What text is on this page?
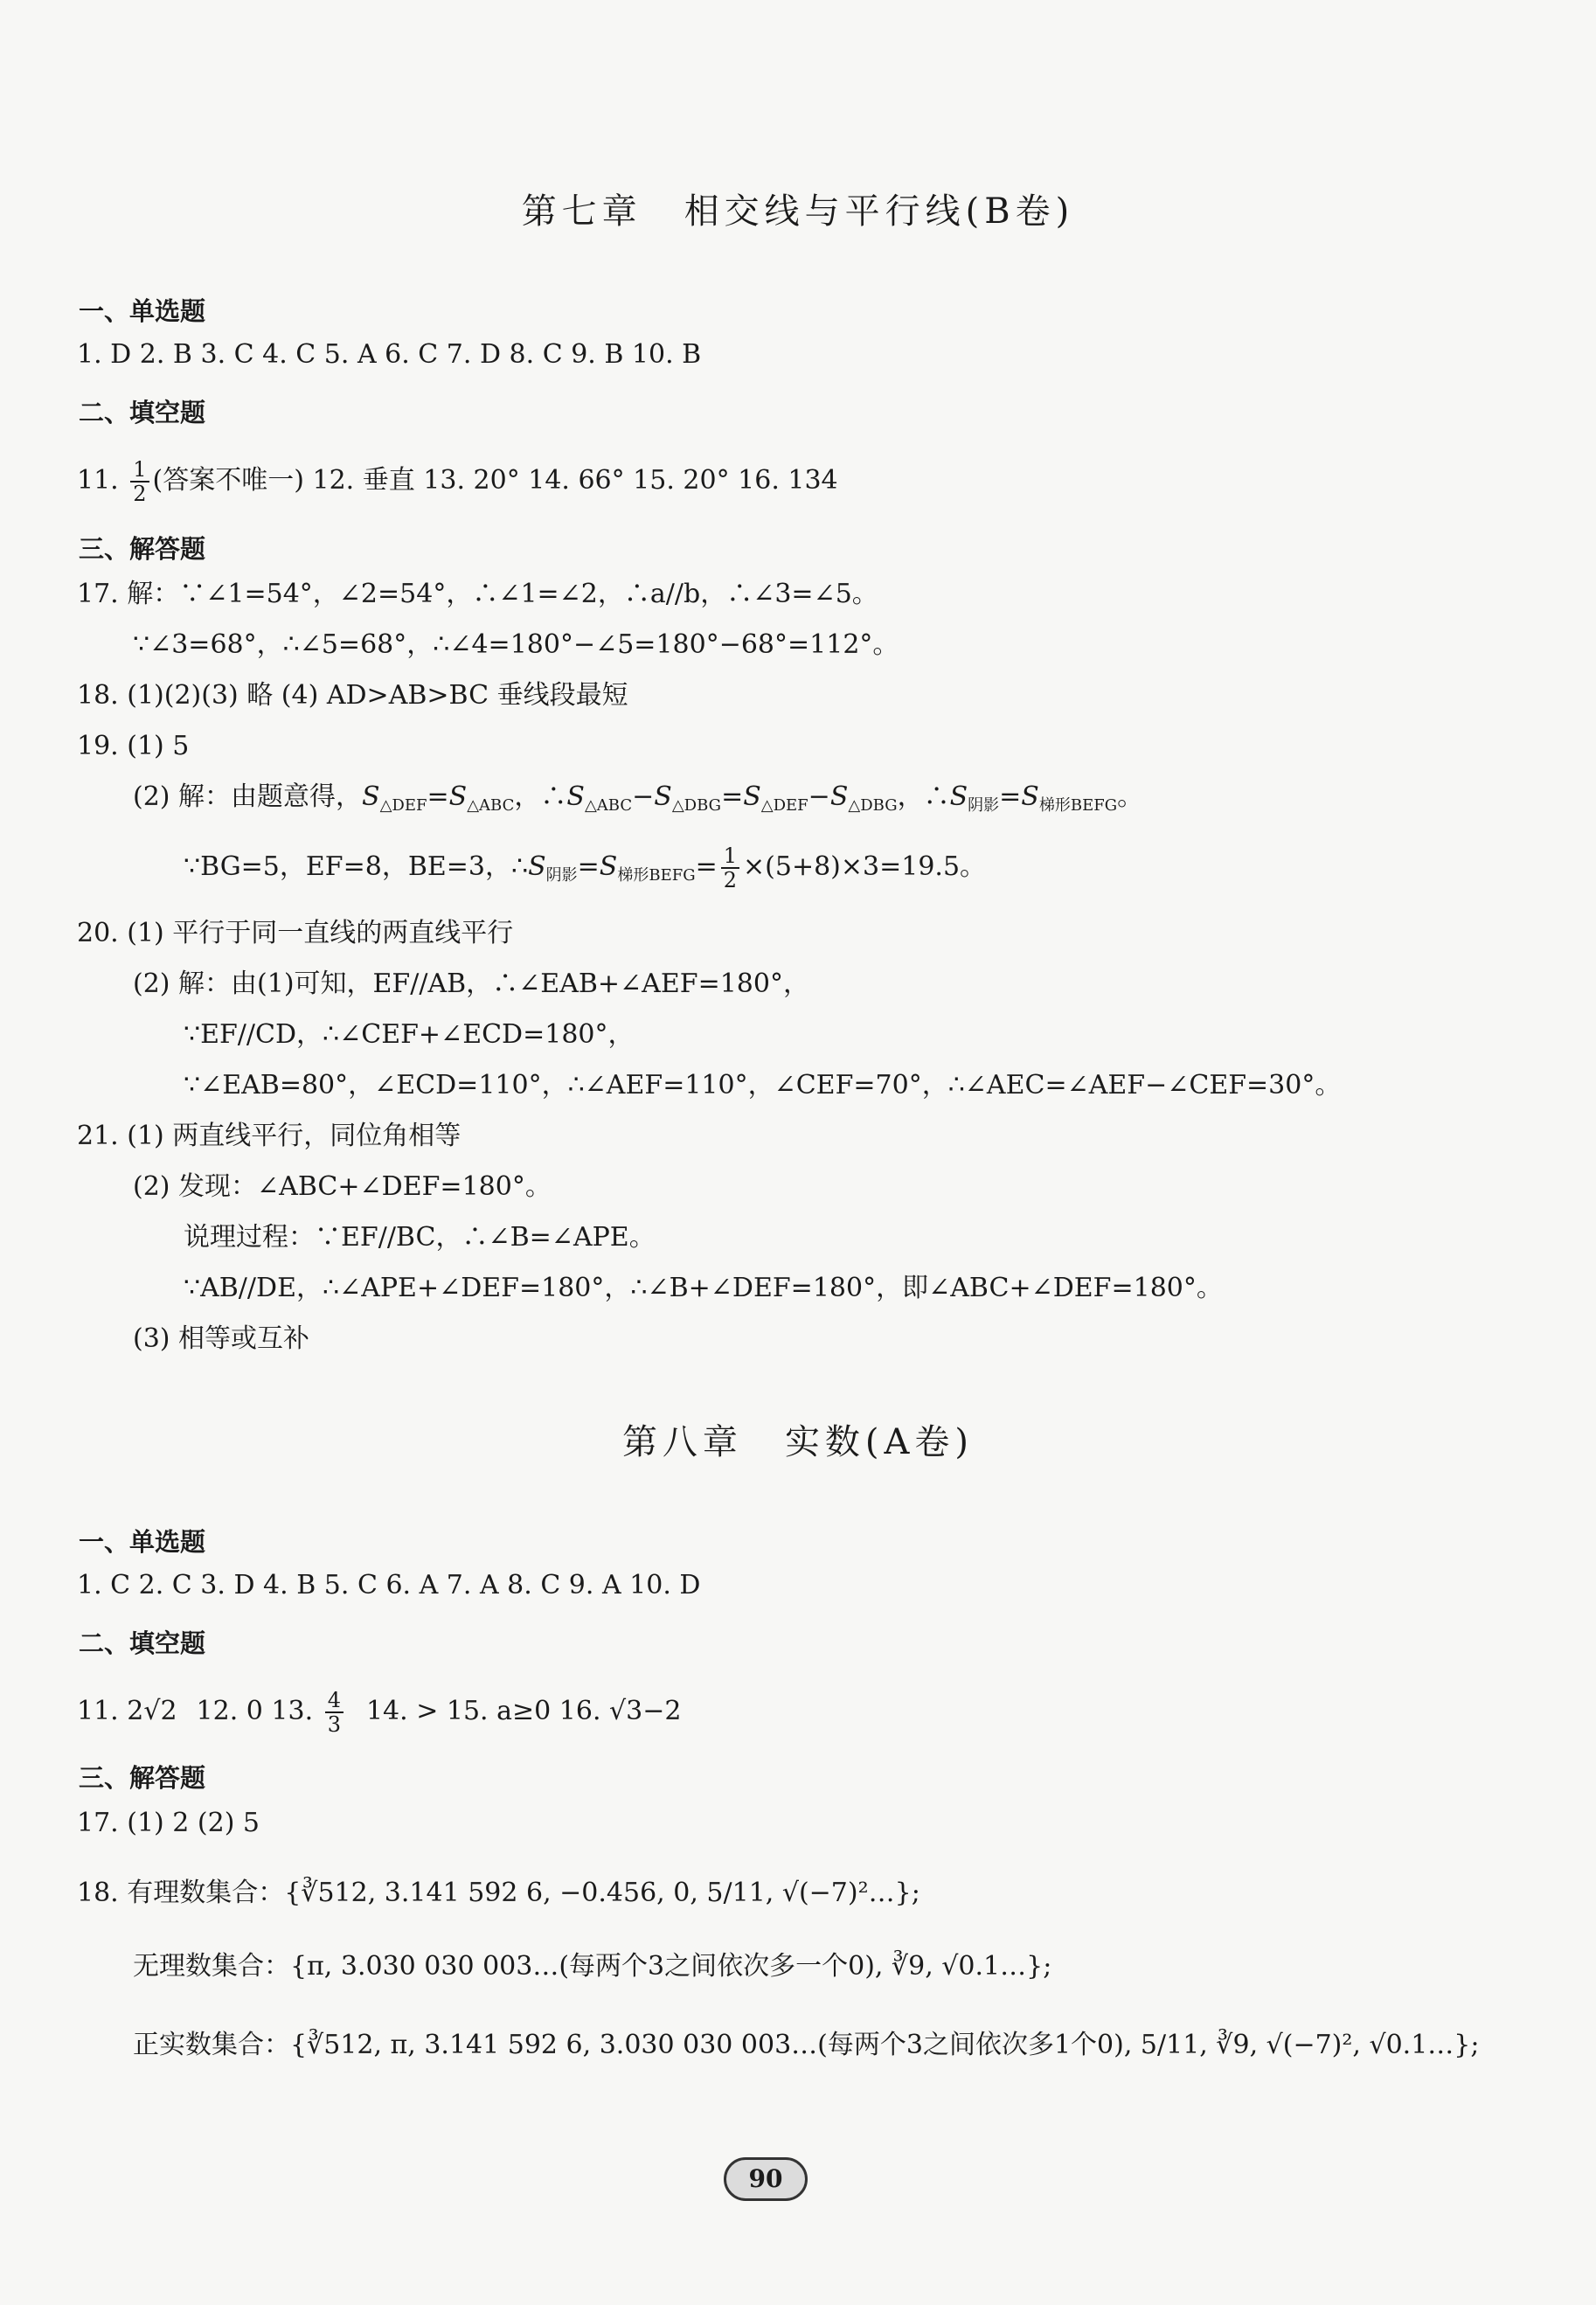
第七章 相交线与平行线(B卷)
一、单选题
1. D 2. B 3. C 4. C 5. A 6. C 7. D 8. C 9. B 10. B
二、填空题
11. $\frac{1}{2}$ (答案不唯一) 12. 垂直 13. 20° 14. 66° 15. 20° 16. 134
三、解答题
17. 解：∵∠1=54°，∠2=54°，∴∠1=∠2，∴a//b，∴∠3=∠5。
∵∠3=68°，∴∠5=68°，∴∠4=180°−∠5=180°−68°=112°。
18. (1)(2)(3) 略 (4) AD>AB>BC 垂线段最短
19. (1) 5
(2) 解：由题意得，$S_{\triangle DEF}=S_{\triangle ABC}$，$\therefore S_{\triangle ABC}-S_{\triangle DBG}=S_{\triangle DEF}-S_{\triangle DBG}$，$\therefore S_{阴影}=S_{梯形BEFG}$。
∵BG=5，EF=8，BE=3，$\therefore S_{阴影}=S_{梯形BEFG}= \frac{1}{2} \times(5+8)\times 3=19.5$。
20. (1) 平行于同一直线的两直线平行
(2) 解：由(1)可知，EF//AB，∴∠EAB+∠AEF=180°，
∵EF//CD，∴∠CEF+∠ECD=180°，
∵∠EAB=80°，∠ECD=110°，∴∠AEF=110°，∠CEF=70°，∴∠AEC=∠AEF−∠CEF=30°。
21. (1) 两直线平行，同位角相等
(2) 发现：∠ABC+∠DEF=180°。
说理过程：∵EF//BC，∴∠B=∠APE。
∵AB//DE，∴∠APE+∠DEF=180°，∴∠B+∠DEF=180°，即∠ABC+∠DEF=180°。
(3) 相等或互补
第八章 实数(A卷)
一、单选题
1. C 2. C 3. D 4. B 5. C 6. A 7. A 8. C 9. A 10. D
二、填空题
11. 2√2 12. 0 13. $\frac{4}{3} 14$. > 15. a≥0 16. √3−2
三、解答题
17. (1) 2 (2) 5
18. 有理数集合：{∛512, 3.141 592 6, −0.456, 0, 5/11, √(−7)²…};
无理数集合：{π, 3.030 030 003…(每两个3之间依次多一个0), ∛9, √0.1…};
正实数集合：{∛512, π, 3.141 592 6, 3.030 030 003…(每两个3之间依次多1个0), 5/11, ∛9, √(−7)², √0.1…};
90
